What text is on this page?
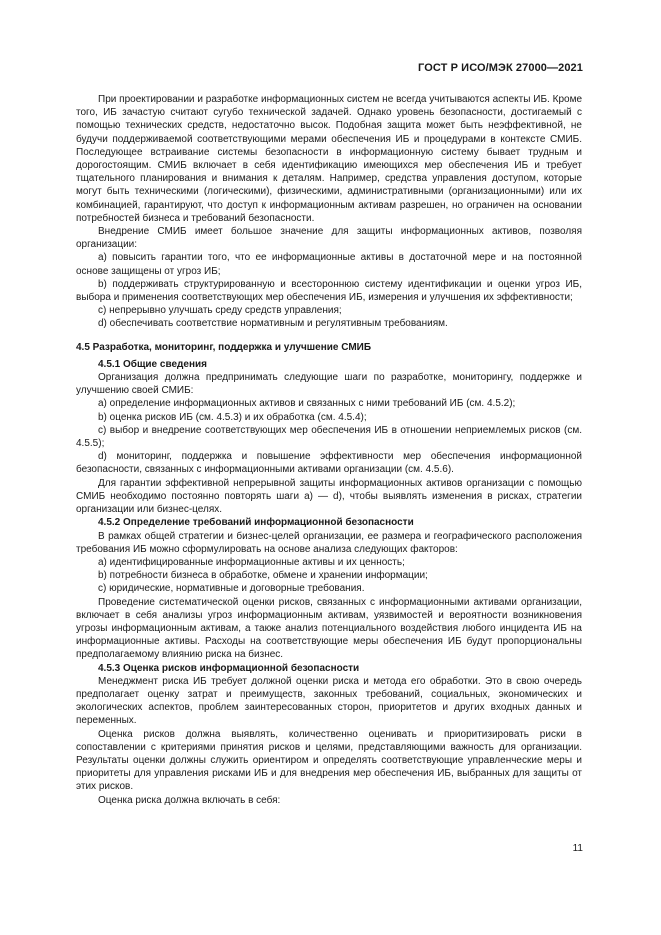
ГОСТ Р ИСО/МЭК 27000—2021

При проектировании и разработке информационных систем не всегда учитываются аспекты ИБ. Кроме того, ИБ зачастую считают сугубо технической задачей. Однако уровень безопасности, достигаемый с помощью технических средств, недостаточно высок. Подобная защита может быть неэффективной, не будучи поддерживаемой соответствующими мерами обеспечения ИБ и процедурами в контексте СМИБ. Последующее встраивание системы безопасности в информационную систему бывает трудным и дорогостоящим. СМИБ включает в себя идентификацию имеющихся мер обеспечения ИБ и требует тщательного планирования и внимания к деталям. Например, средства управления доступом, которые могут быть техническими (логическими), физическими, административными (организационными) или их комбинацией, гарантируют, что доступ к информационным активам разрешен, но ограничен на основании потребностей бизнеса и требований безопасности.

Внедрение СМИБ имеет большое значение для защиты информационных активов, позволяя организации:

a) повысить гарантии того, что ее информационные активы в достаточной мере и на постоянной основе защищены от угроз ИБ;

b) поддерживать структурированную и всестороннюю систему идентификации и оценки угроз ИБ, выбора и применения соответствующих мер обеспечения ИБ, измерения и улучшения их эффективности;

c) непрерывно улучшать среду средств управления;

d) обеспечивать соответствие нормативным и регулятивным требованиям.

4.5 Разработка, мониторинг, поддержка и улучшение СМИБ
4.5.1 Общие сведения

Организация должна предпринимать следующие шаги по разработке, мониторингу, поддержке и улучшению своей СМИБ:

a) определение информационных активов и связанных с ними требований ИБ (см. 4.5.2);

b) оценка рисков ИБ (см. 4.5.3) и их обработка (см. 4.5.4);

c) выбор и внедрение соответствующих мер обеспечения ИБ в отношении неприемлемых рисков (см. 4.5.5);

d) мониторинг, поддержка и повышение эффективности мер обеспечения информационной безопасности, связанных с информационными активами организации (см. 4.5.6).

Для гарантии эффективной непрерывной защиты информационных активов организации с помощью СМИБ необходимо постоянно повторять шаги а) — d), чтобы выявлять изменения в рисках, стратегии организации или бизнес-целях.

4.5.2 Определение требований информационной безопасности

В рамках общей стратегии и бизнес-целей организации, ее размера и географического расположения требования ИБ можно сформулировать на основе анализа следующих факторов:

a) идентифицированные информационные активы и их ценность;

b) потребности бизнеса в обработке, обмене и хранении информации;

c) юридические, нормативные и договорные требования.

Проведение систематической оценки рисков, связанных с информационными активами организации, включает в себя анализы угроз информационным активам, уязвимостей и вероятности возникновения угрозы информационным активам, а также анализ потенциального воздействия любого инцидента ИБ на информационные активы. Расходы на соответствующие меры обеспечения ИБ будут пропорциональны предполагаемому влиянию риска на бизнес.

4.5.3 Оценка рисков информационной безопасности

Менеджмент риска ИБ требует должной оценки риска и метода его обработки. Это в свою очередь предполагает оценку затрат и преимуществ, законных требований, социальных, экономических и экологических аспектов, проблем заинтересованных сторон, приоритетов и других входных данных и переменных.

Оценка рисков должна выявлять, количественно оценивать и приоритизировать риски в сопоставлении с критериями принятия рисков и целями, представляющими важность для организации. Результаты оценки должны служить ориентиром и определять соответствующие управленческие меры и приоритеты для управления рисками ИБ и для внедрения мер обеспечения ИБ, выбранных для защиты от этих рисков.

Оценка риска должна включать в себя:

11
